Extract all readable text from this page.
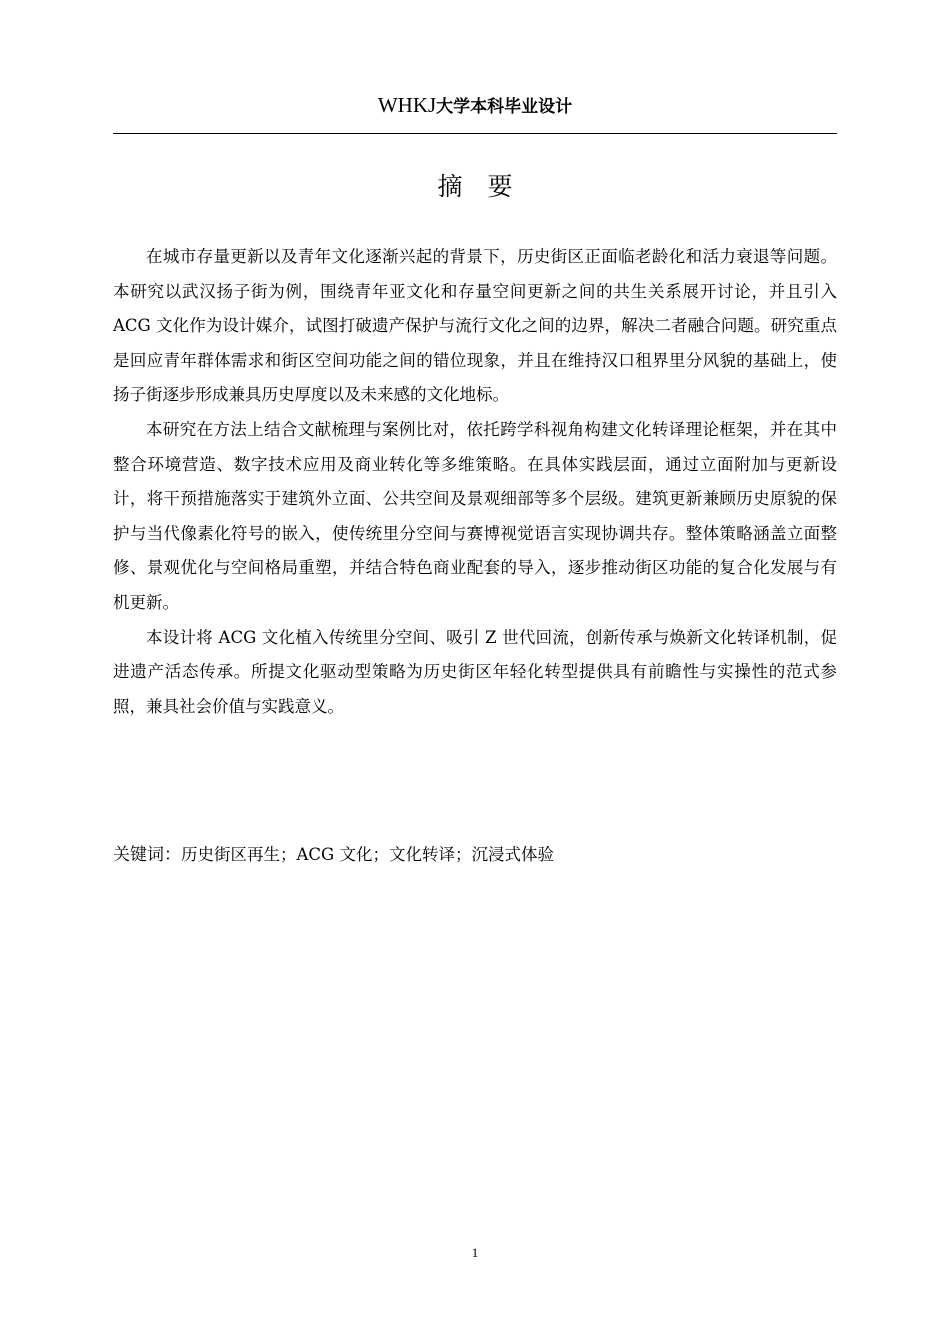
WHKJ大学本科毕业设计
摘　要

在城市存量更新以及青年文化逐渐兴起的背景下，历史街区正面临老龄化和活力衰退等问题。本研究以武汉扬子街为例，围绕青年亚文化和存量空间更新之间的共生关系展开讨论，并且引入 ACG 文化作为设计媒介，试图打破遗产保护与流行文化之间的边界，解决二者融合问题。研究重点是回应青年群体需求和街区空间功能之间的错位现象，并且在维持汉口租界里分风貌的基础上，使扬子街逐步形成兼具历史厚度以及未来感的文化地标。

本研究在方法上结合文献梳理与案例比对，依托跨学科视角构建文化转译理论框架，并在其中整合环境营造、数字技术应用及商业转化等多维策略。在具体实践层面，通过立面附加与更新设计，将干预措施落实于建筑外立面、公共空间及景观细部等多个层级。建筑更新兼顾历史原貌的保护与当代像素化符号的嵌入，使传统里分空间与赛博视觉语言实现协调共存。整体策略涵盖立面整修、景观优化与空间格局重塑，并结合特色商业配套的导入，逐步推动街区功能的复合化发展与有机更新。

本设计将 ACG 文化植入传统里分空间、吸引 Z 世代回流，创新传承与焕新文化转译机制，促进遗产活态传承。所提文化驱动型策略为历史街区年轻化转型提供具有前瞻性与实操性的范式参照，兼具社会价值与实践意义。

关键词：历史街区再生；ACG 文化；文化转译；沉浸式体验
1
